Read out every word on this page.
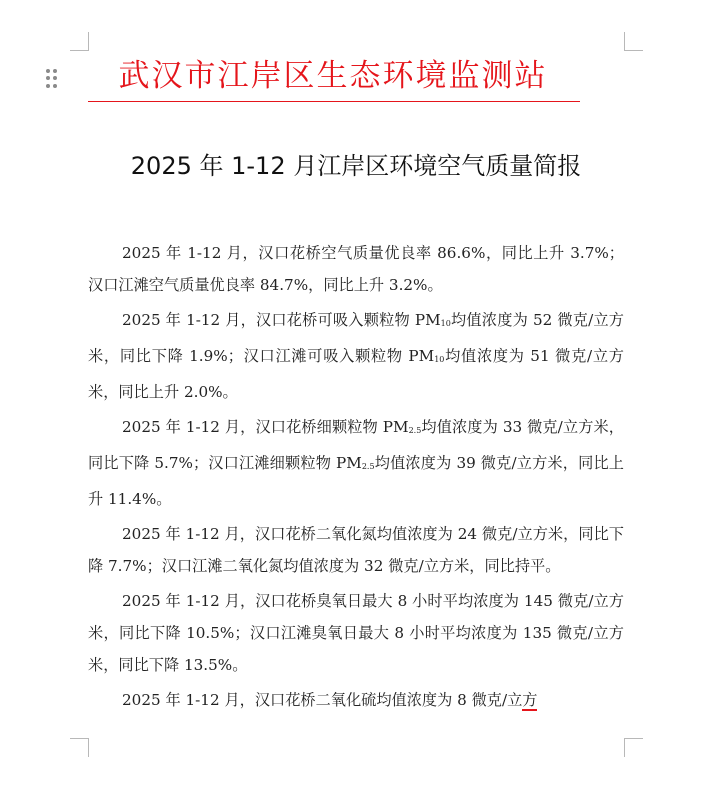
武汉市江岸区生态环境监测站
2025 年 1-12 月江岸区环境空气质量简报

2025 年 1-12 月，汉口花桥空气质量优良率 86.6%，同比上升 3.7%；汉口江滩空气质量优良率 84.7%，同比上升 3.2%。

2025 年 1-12 月，汉口花桥可吸入颗粒物 $PM_{10}$均值浓度为 52 微克/立方米，同比下降 1.9%；汉口江滩可吸入颗粒物 $PM_{10}$均值浓度为 51 微克/立方米，同比上升 2.0%。

2025 年 1-12 月，汉口花桥细颗粒物 $PM_{2.5}$均值浓度为 33 微克/立方米，同比下降 5.7%；汉口江滩细颗粒物 $PM_{2.5}$均值浓度为 39 微克/立方米，同比上升 11.4%。

2025 年 1-12 月，汉口花桥二氧化氮均值浓度为 24 微克/立方米，同比下降 7.7%；汉口江滩二氧化氮均值浓度为 32 微克/立方米，同比持平。

2025 年 1-12 月，汉口花桥臭氧日最大 8 小时平均浓度为 145 微克/立方米，同比下降 10.5%；汉口江滩臭氧日最大 8 小时平均浓度为 135 微克/立方米，同比下降 13.5%。

2025 年 1-12 月，汉口花桥二氧化硫均值浓度为 8 微克/立方
